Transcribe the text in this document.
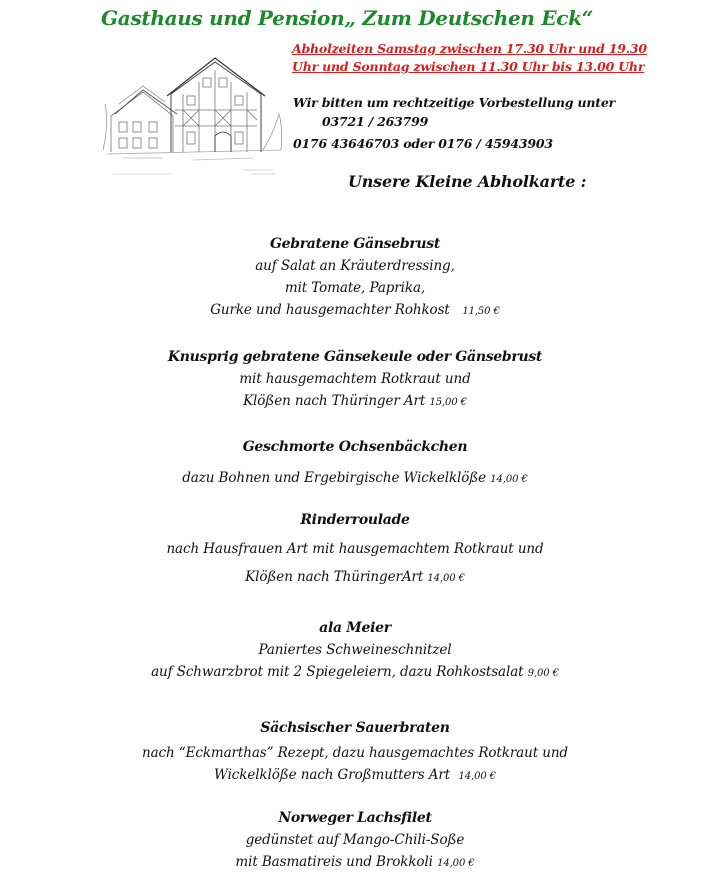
Gasthaus und Pension„ Zum Deutschen Eck“

Abholzeiten Samstag zwischen 17.30 Uhr und 19.30
Uhr und Sonntag zwischen 11.30 Uhr bis 13.00 Uhr

Wir bitten um rechtzeitige Vorbestellung unter
03721 / 263799
0176 43646703 oder 0176 / 45943903
Unsere Kleine Abholkarte :
Gebratene Gänsebrust
auf Salat an Kräuterdressing,
mit Tomate, Paprika,
Gurke und hausgemachter Rohkost 11,50 €
Knusprig gebratene Gänsekeule oder Gänsebrust
mit hausgemachtem Rotkraut und
Klößen nach Thüringer Art 15,00 €
Geschmorte Ochsenbäckchen
dazu Bohnen und Ergebirgische Wickelklöße 14,00 €
Rinderroulade
nach Hausfrauen Art mit hausgemachtem Rotkraut und
Klößen nach ThüringerArt 14,00 €
ala Meier
Paniertes Schweineschnitzel
auf Schwarzbrot mit 2 Spiegeleiern, dazu Rohkostsalat 9,00 €
Sächsischer Sauerbraten
nach “Eckmarthas” Rezept, dazu hausgemachtes Rotkraut und
Wickelklöße nach Großmutters Art 14,00 €
Norweger Lachsfilet
gedünstet auf Mango-Chili-Soße
mit Basmatireis und Brokkoli 14,00 €
